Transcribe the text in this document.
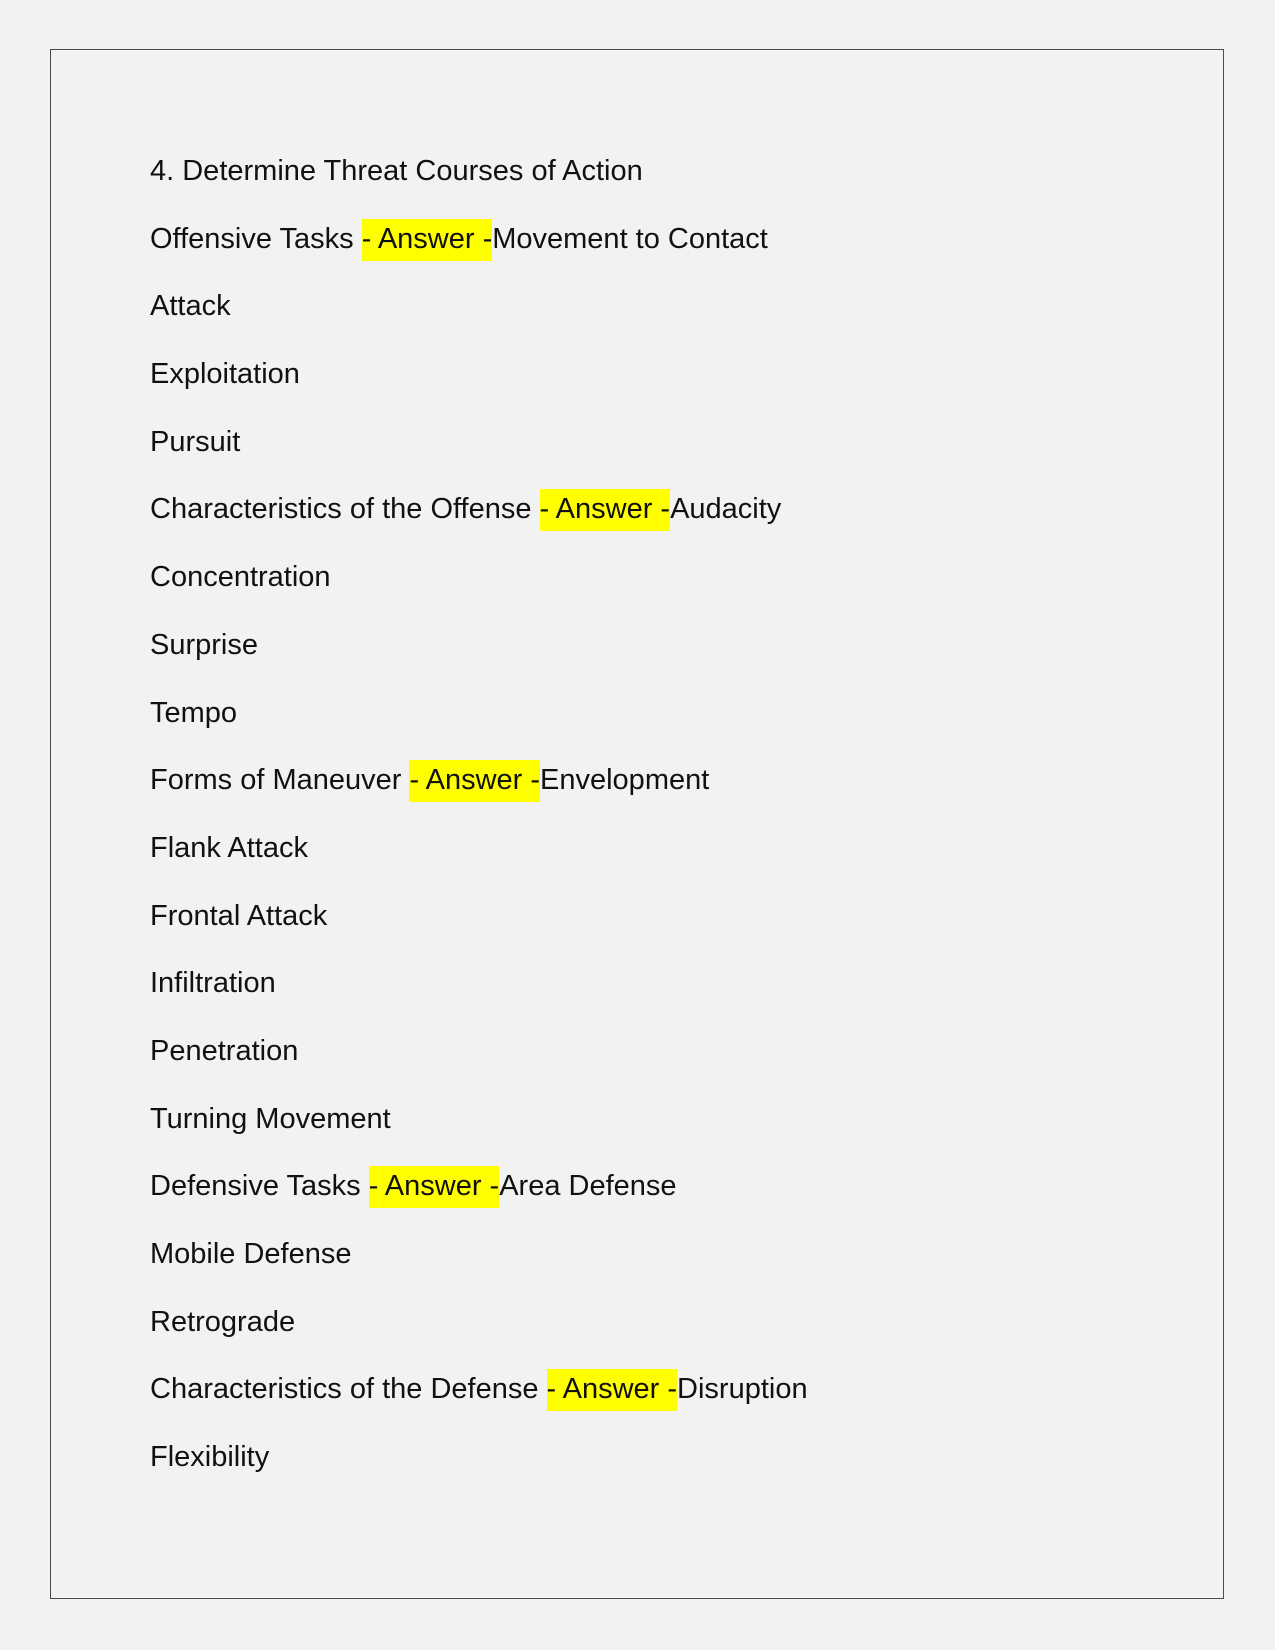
4. Determine Threat Courses of Action
Offensive Tasks - Answer -Movement to Contact
Attack
Exploitation
Pursuit
Characteristics of the Offense - Answer -Audacity
Concentration
Surprise
Tempo
Forms of Maneuver - Answer -Envelopment
Flank Attack
Frontal Attack
Infiltration
Penetration
Turning Movement
Defensive Tasks - Answer -Area Defense
Mobile Defense
Retrograde
Characteristics of the Defense - Answer -Disruption
Flexibility
